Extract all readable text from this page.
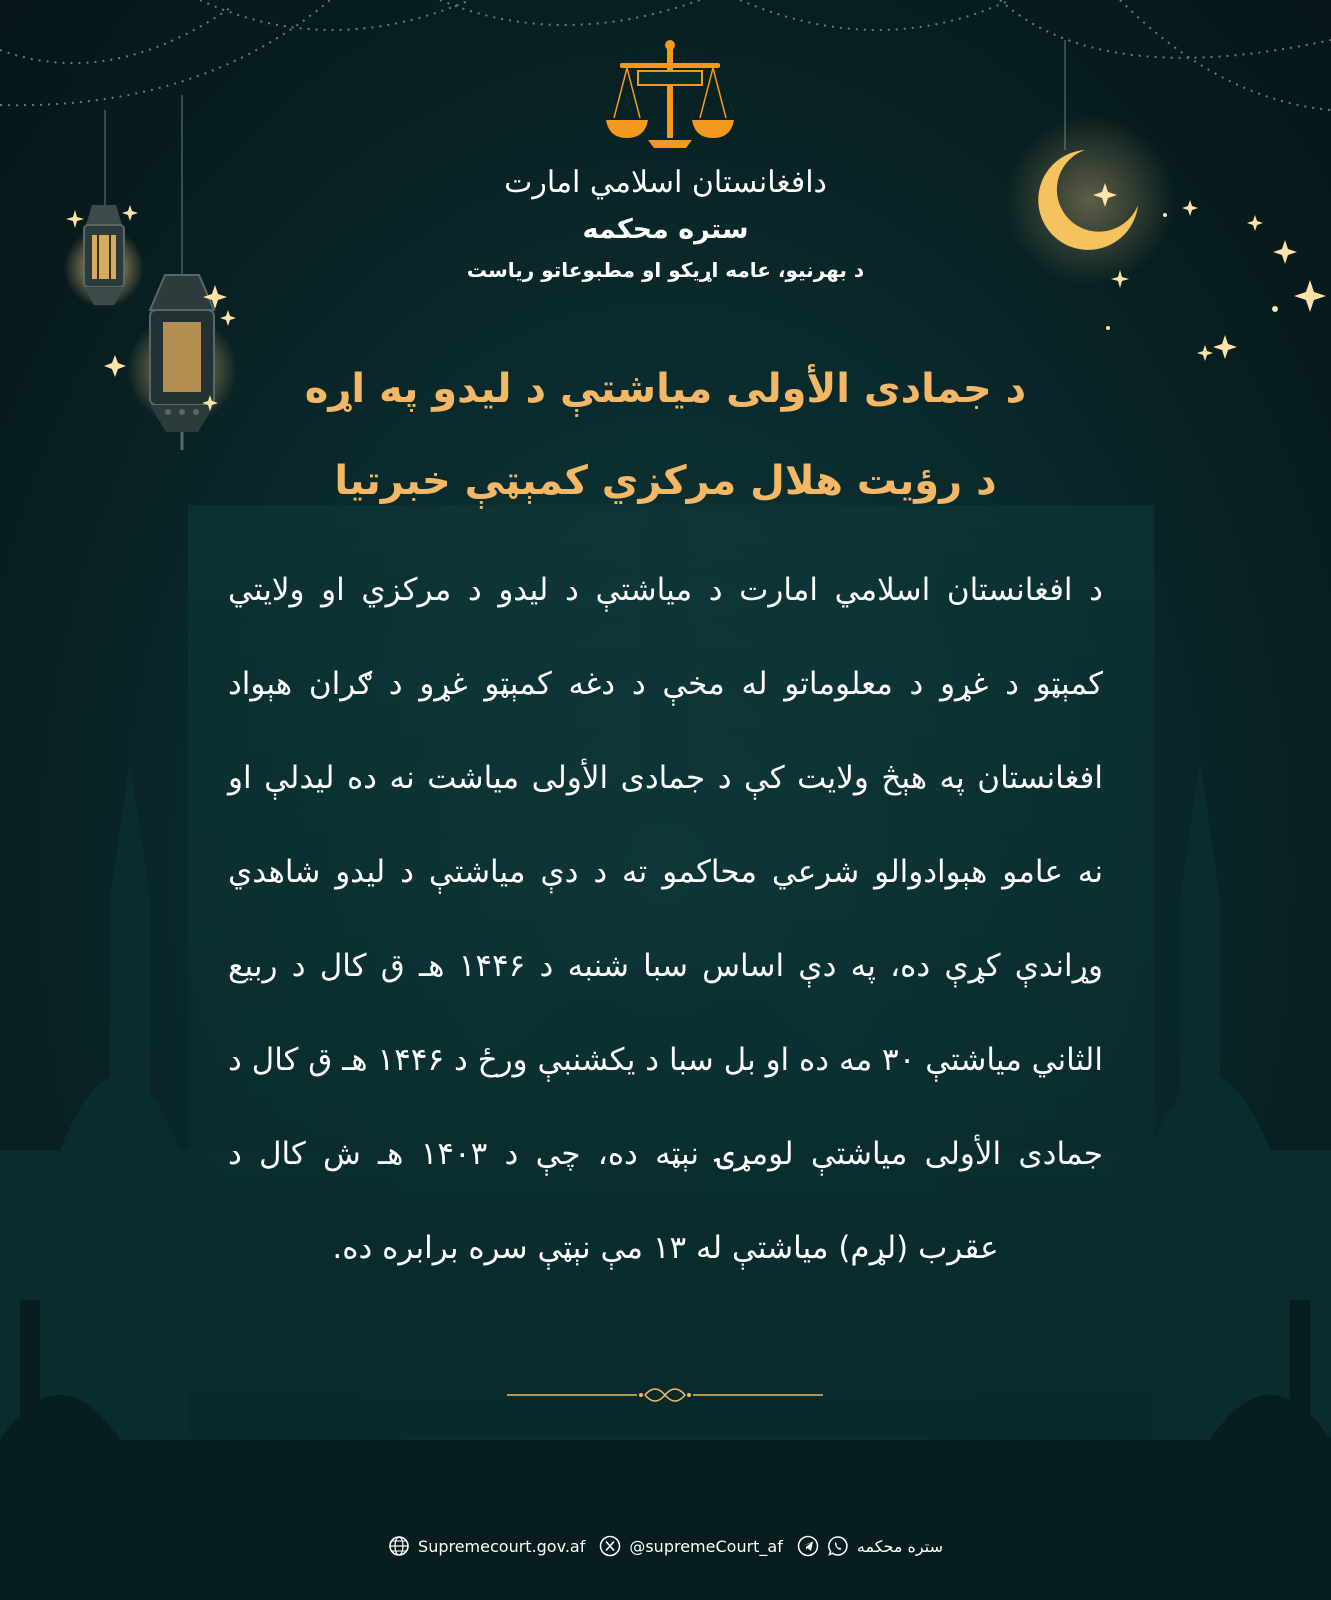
دافغانستان اسلامي امارت
ستره محکمه
د بهرنیو، عامه اړیکو او مطبوعاتو ریاست
د جمادی الأولی میاشتې د لیدو په اړه
د رؤیت هلال مرکزي کمېټې خبرتیا
د افغانستان اسلامي امارت د میاشتې د لیدو د مرکزي او ولایتي کمېټو د غړو د معلوماتو له مخې د دغه کمېټو غړو د ګران هېواد افغانستان په هېڅ ولایت کې د جمادی الأولی میاشت نه ده لیدلې او نه عامو هېوادوالو شرعي محاکمو ته د دې میاشتې د لیدو شاهدي وړاندې کړې ده، په دې اساس سبا شنبه د ۱۴۴۶ هـ ق کال د ربیع الثاني میاشتې ۳۰ مه ده او بل سبا د یکشنبې ورځ د ۱۴۴۶ هـ ق کال د جمادی الأولی میاشتې لومړۍ نېټه ده، چې د ۱۴۰۳ هـ ش کال د عقرب (لړم) میاشتې له ۱۳ مې نېټې سره برابره ده.
Supremecourt.gov.af	@supremeCourt_af	ستره محکمه
